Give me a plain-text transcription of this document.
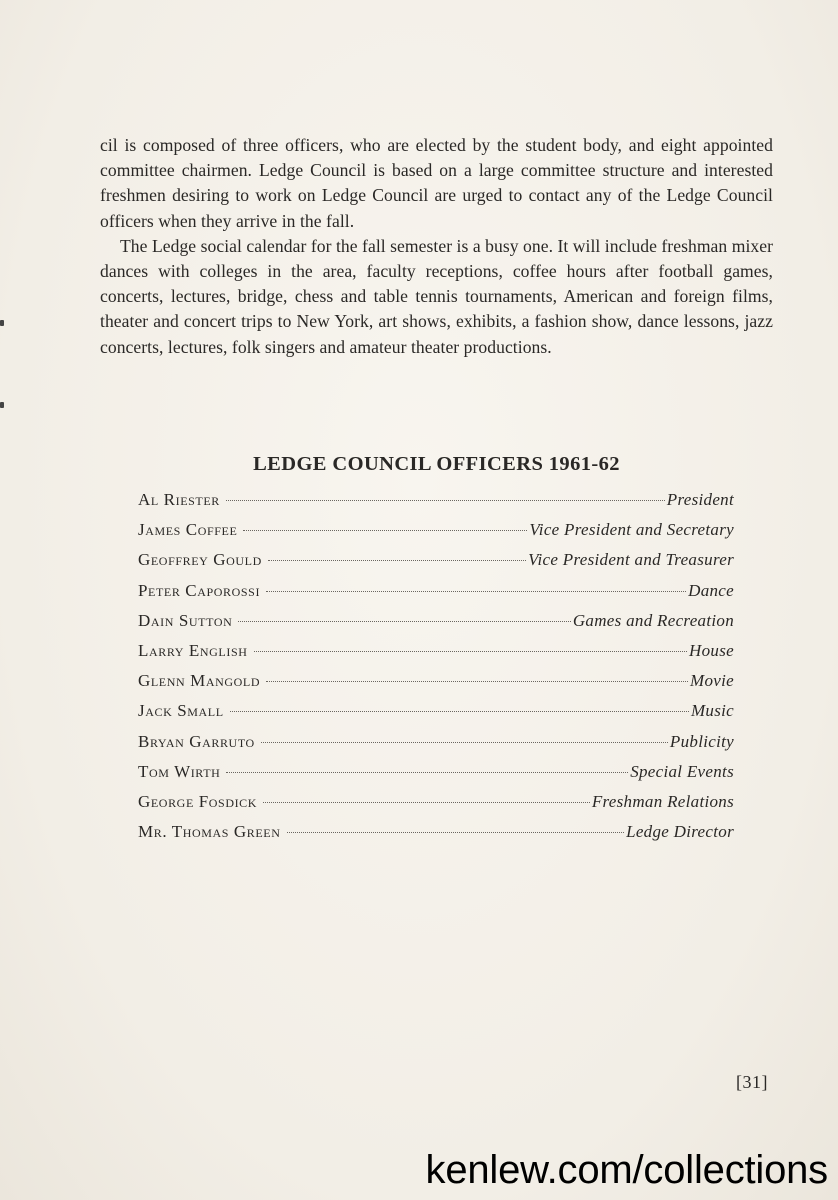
cil is composed of three officers, who are elected by the student body, and eight appointed committee chairmen. Ledge Council is based on a large committee structure and interested freshmen desiring to work on Ledge Council are urged to contact any of the Ledge Council officers when they arrive in the fall.

The Ledge social calendar for the fall semester is a busy one. It will include freshman mixer dances with colleges in the area, faculty receptions, coffee hours after football games, concerts, lectures, bridge, chess and table tennis tournaments, American and foreign films, theater and concert trips to New York, art shows, exhibits, a fashion show, dance lessons, jazz concerts, lectures, folk singers and amateur theater productions.

LEDGE COUNCIL OFFICERS 1961-62
Al Riester	President
James Coffee	Vice President and Secretary
Geoffrey Gould	Vice President and Treasurer
Peter Caporossi	Dance
Dain Sutton	Games and Recreation
Larry English	House
Glenn Mangold	Movie
Jack Small	Music
Bryan Garruto	Publicity
Tom Wirth	Special Events
George Fosdick	Freshman Relations
Mr. Thomas Green	Ledge Director
[31]
kenlew.com/collections
